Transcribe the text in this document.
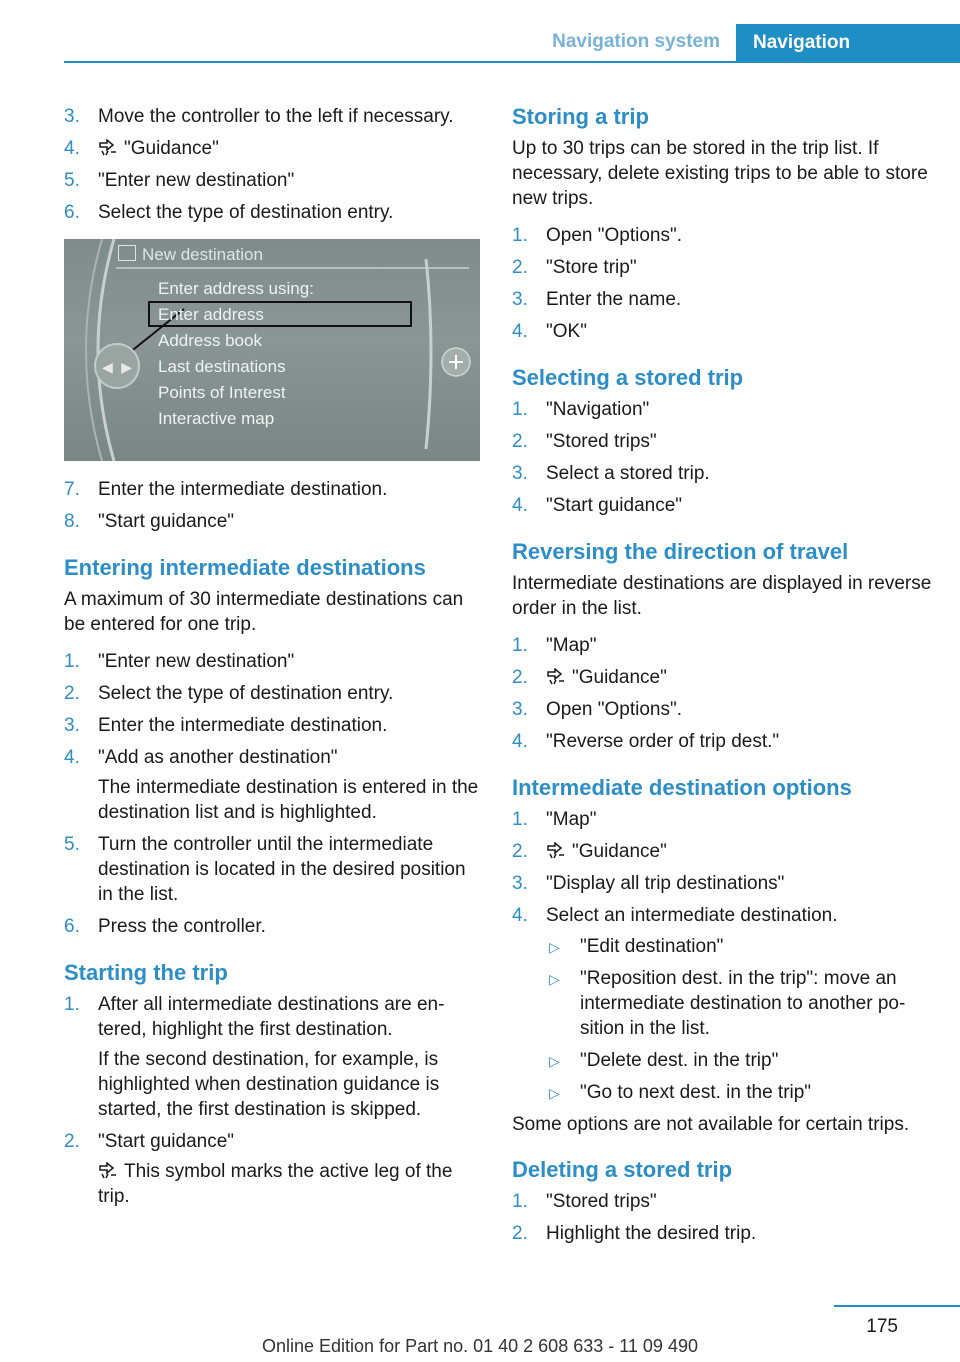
Navigation system	Navigation
3. Move the controller to the left if necessary.
4. "Guidance"
5. "Enter new destination"
6. Select the type of destination entry.
◀ ▶
New destination
Enter address using:
Enter address
Address book
Last destinations
Points of Interest
Interactive map
7. Enter the intermediate destination.
8. "Start guidance"
Entering intermediate destinations
A maximum of 30 intermediate destinations can be entered for one trip.
1. "Enter new destination"
2. Select the type of destination entry.
3. Enter the intermediate destination.
4. "Add as another destination"
The intermediate destination is entered in the destination list and is highlighted.
5. Turn the controller until the intermediate destination is located in the desired position in the list.
6. Press the controller.
Starting the trip
1. After all intermediate destinations are entered, highlight the first destination.
If the second destination, for example, is highlighted when destination guidance is started, the first destination is skipped.
2. "Start guidance"
This symbol marks the active leg of the trip.
Storing a trip
Up to 30 trips can be stored in the trip list. If necessary, delete existing trips to be able to store new trips.
1. Open "Options".
2. "Store trip"
3. Enter the name.
4. "OK"
Selecting a stored trip
1. "Navigation"
2. "Stored trips"
3. Select a stored trip.
4. "Start guidance"
Reversing the direction of travel
Intermediate destinations are displayed in reverse order in the list.
1. "Map"
2. "Guidance"
3. Open "Options".
4. "Reverse order of trip dest."
Intermediate destination options
1. "Map"
2. "Guidance"
3. "Display all trip destinations"
4. Select an intermediate destination.
▷ "Edit destination"
▷ "Reposition dest. in the trip": move an intermediate destination to another position in the list.
▷ "Delete dest. in the trip"
▷ "Go to next dest. in the trip"
Some options are not available for certain trips.
Deleting a stored trip
1. "Stored trips"
2. Highlight the desired trip.
175
Online Edition for Part no. 01 40 2 608 633 - 11 09 490
